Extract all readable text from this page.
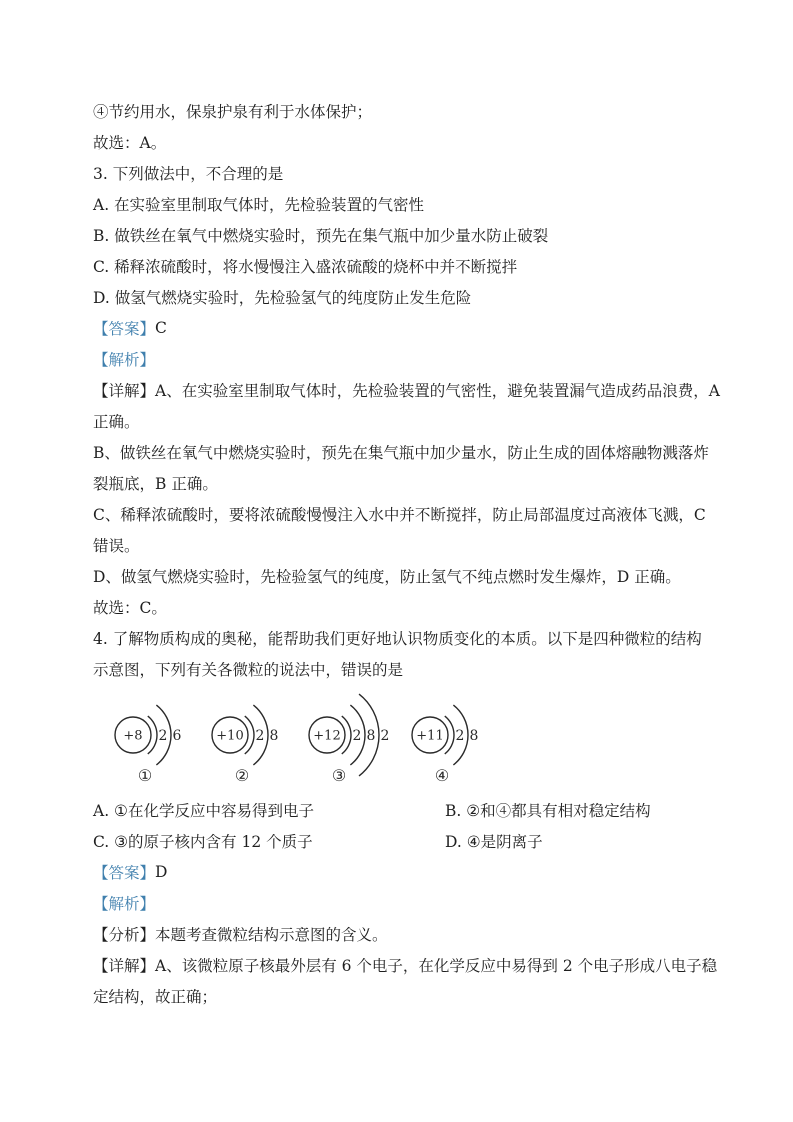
④节约用水，保泉护泉有利于水体保护；
故选：A。
3. 下列做法中，不合理的是
A. 在实验室里制取气体时，先检验装置的气密性
B. 做铁丝在氧气中燃烧实验时，预先在集气瓶中加少量水防止破裂
C. 稀释浓硫酸时，将水慢慢注入盛浓硫酸的烧杯中并不断搅拌
D. 做氢气燃烧实验时，先检验氢气的纯度防止发生危险
【答案】 C
【解析】
【详解】A、在实验室里制取气体时，先检验装置的气密性，避免装置漏气造成药品浪费，A
正确。
B、做铁丝在氧气中燃烧实验时，预先在集气瓶中加少量水，防止生成的固体熔融物溅落炸
裂瓶底，B 正确。
C、稀释浓硫酸时，要将浓硫酸慢慢注入水中并不断搅拌，防止局部温度过高液体飞溅，C
错误。
D、做氢气燃烧实验时，先检验氢气的纯度，防止氢气不纯点燃时发生爆炸，D 正确。
故选：C。
4. 了解物质构成的奥秘，能帮助我们更好地认识物质变化的本质。以下是四种微粒的结构
示意图，下列有关各微粒的说法中，错误的是
+8 2 6
①
+10 2 8
②
+12 2 8 2
③
+11 2 8
④
A. ①在化学反应中容易得到电子	B. ②和④都具有相对稳定结构
C. ③的原子核内含有 12 个质子	D. ④是阴离子
【答案】 D
【解析】
【分析】本题考查微粒结构示意图的含义。
【详解】A、该微粒原子核最外层有 6 个电子，在化学反应中易得到 2 个电子形成八电子稳
定结构，故正确；
